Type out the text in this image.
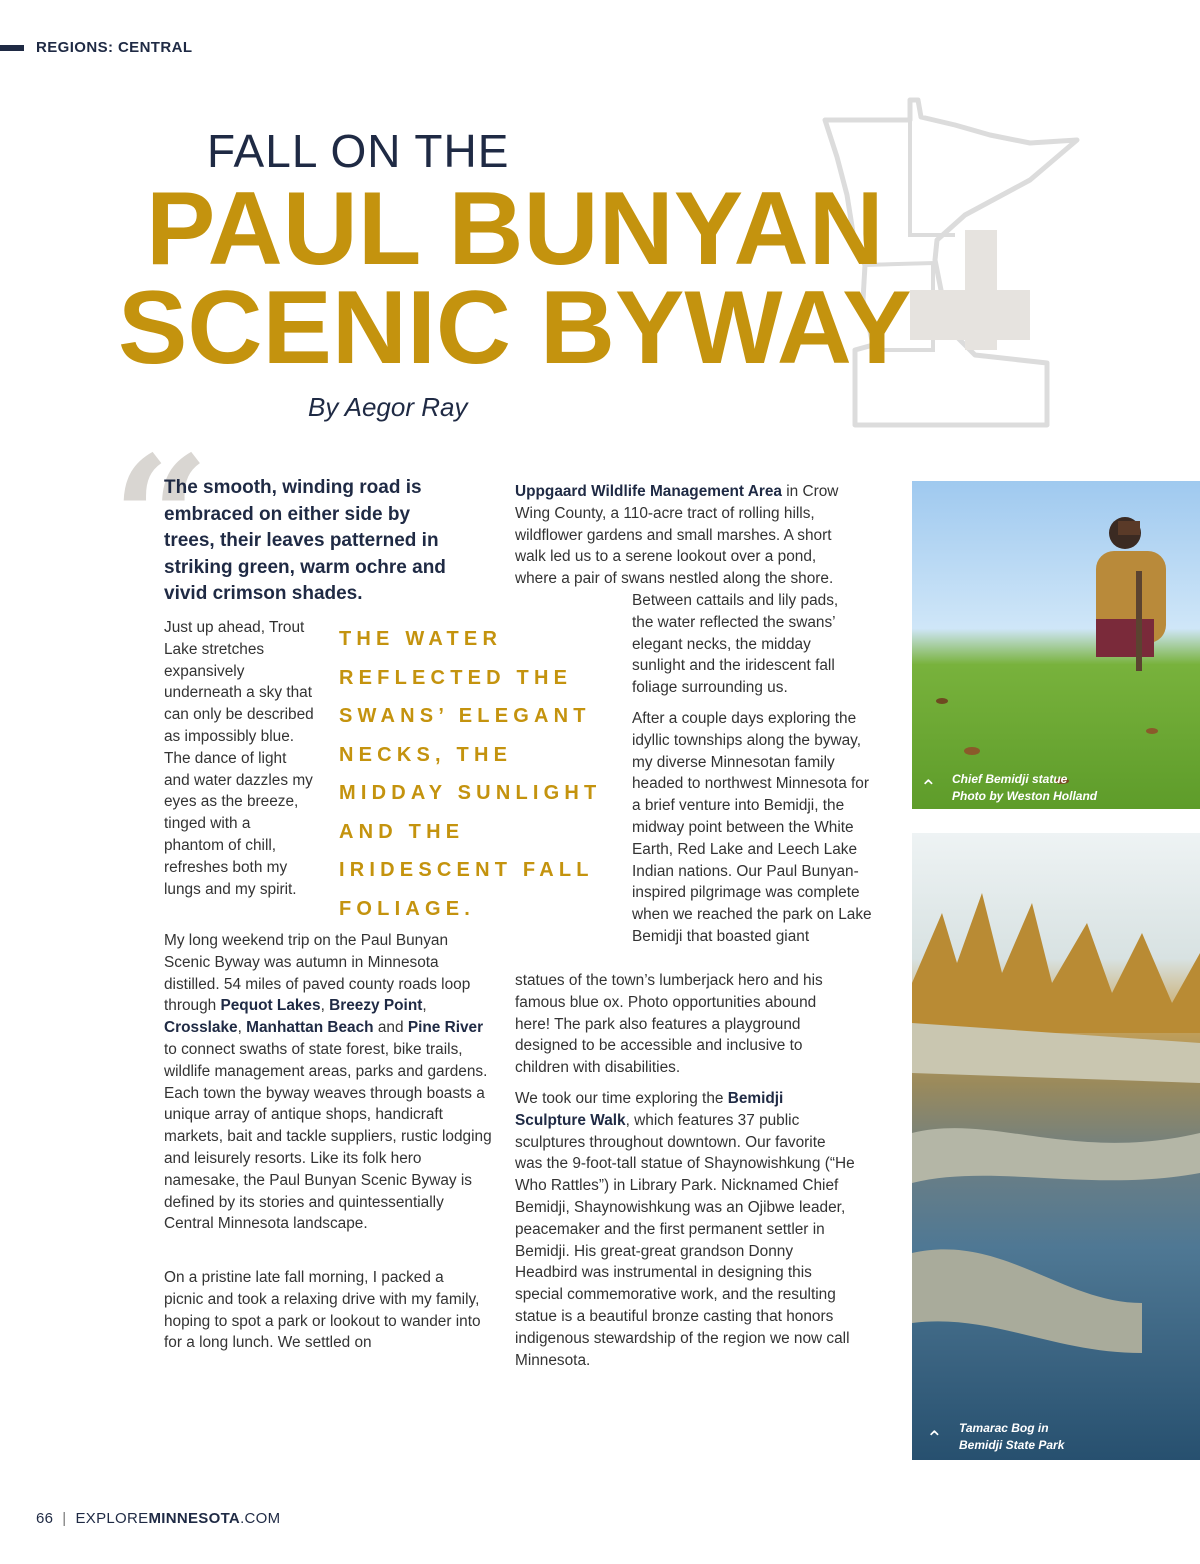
REGIONS: CENTRAL
FALL ON THE
PAUL BUNYAN
SCENIC BYWAY
By Aegor Ray
“
The smooth, winding road is embraced on either side by trees, their leaves patterned in striking green, warm ochre and vivid crimson shades.
Just up ahead, Trout Lake stretches expansively underneath a sky that can only be described as impossibly blue. The dance of light and water dazzles my eyes as the breeze, tinged with a phantom of chill, refreshes both my lungs and my spirit.
THE WATER REFLECTED THE SWANS’ ELEGANT NECKS, THE MIDDAY SUNLIGHT AND THE IRIDESCENT FALL FOLIAGE.
My long weekend trip on the Paul Bunyan Scenic Byway was autumn in Minnesota distilled. 54 miles of paved county roads loop through Pequot Lakes, Breezy Point, Crosslake, Manhattan Beach and Pine River to connect swaths of state forest, bike trails, wildlife management areas, parks and gardens. Each town the byway weaves through boasts a unique array of antique shops, handicraft markets, bait and tackle suppliers, rustic lodging and leisurely resorts. Like its folk hero namesake, the Paul Bunyan Scenic Byway is defined by its stories and quintessentially Central Minnesota landscape.
On a pristine late fall morning, I packed a picnic and took a relaxing drive with my family, hoping to spot a park or lookout to wander into for a long lunch. We settled on
Uppgaard Wildlife Management Area in Crow Wing County, a 110-acre tract of rolling hills, wildflower gardens and small marshes. A short walk led us to a serene lookout over a pond, where a pair of swans nestled along the shore.
Between cattails and lily pads, the water reflected the swans’ elegant necks, the midday sunlight and the iridescent fall foliage surrounding us.
After a couple days exploring the idyllic townships along the byway, my diverse Minnesotan family headed to northwest Minnesota for a brief venture into Bemidji, the midway point between the White Earth, Red Lake and Leech Lake Indian nations. Our Paul Bunyan-inspired pilgrimage was complete when we reached the park on Lake Bemidji that boasted giant
statues of the town’s lumberjack hero and his famous blue ox. Photo opportunities abound here! The park also features a playground designed to be accessible and inclusive to children with disabilities.
We took our time exploring the Bemidji Sculpture Walk, which features 37 public sculptures throughout downtown. Our favorite was the 9-foot-tall statue of Shaynowishkung (“He Who Rattles”) in Library Park. Nicknamed Chief Bemidji, Shaynowishkung was an Ojibwe leader, peacemaker and the first permanent settler in Bemidji. His great-great grandson Donny Headbird was instrumental in designing this special commemorative work, and the resulting statue is a beautiful bronze casting that honors indigenous stewardship of the region we now call Minnesota.
⌃ Chief Bemidji statue
Photo by Weston Holland
⌃ Tamarac Bog in
Bemidji State Park
66 | EXPLOREMINNESOTA.COM
